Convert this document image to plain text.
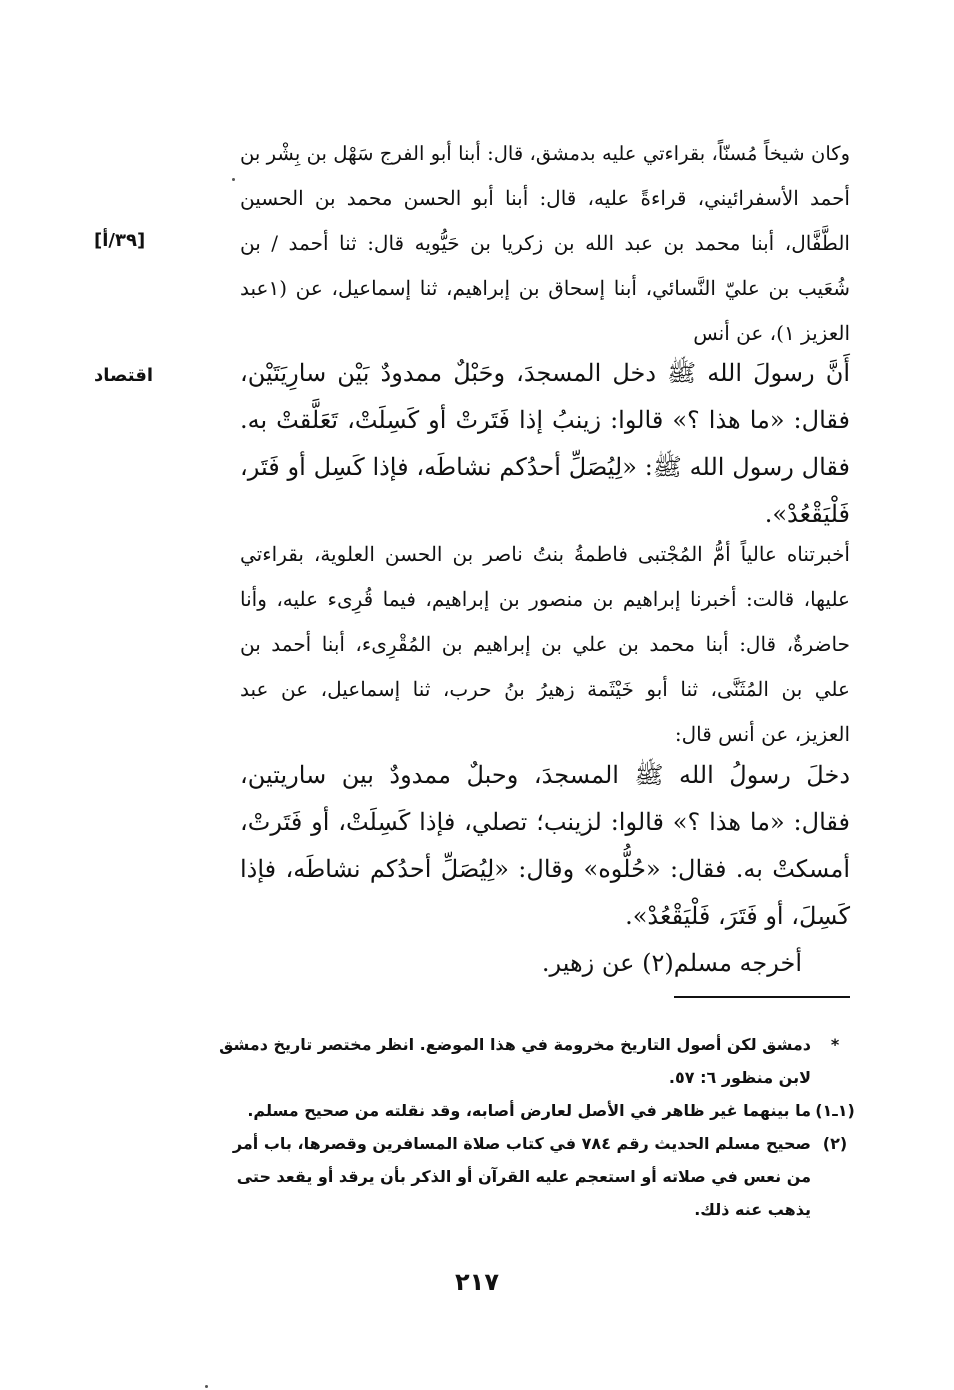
وكان شيخاً مُسنّاً، بقراءتي عليه بدمشق، قال: أبنا أبو الفرج سَهْل بن بِشْر بن
أحمد الأسفرائيني، قراءةً عليه، قال: أبنا أبو الحسن محمد بن الحسين
الطَّفَّال، أبنا محمد بن عبد الله بن زكريا بن حَيُّويه قال: ثنا أحمد / بن
شُعَيب بن عليّ النَّسائي، أبنا إسحاق بن إبراهيم، ثنا إسماعيل، عن (١عبد
العزيز ١)، عن أنس
[٣٩/أ]
أَنَّ رسولَ الله ﷺ دخل المسجدَ، وحَبْلٌ ممدودٌ بَيْن سارِيَتَيْن،
فقال: «ما هذا ؟» قالوا: زينبُ إذا فَتَرتْ أو كَسِلَتْ، تَعَلَّقتْ به.
فقال رسول الله ﷺ: «لِيُصَلِّ أحدُكم نشاطَه، فإذا كَسِل أو فَتَر،
فَلْيَقْعُدْ».
اقتصاد
أخبرتناه عالياً أمُّ المُجْتبى فاطمةُ بنتُ ناصر بن الحسن العلوية، بقراءتي
عليها، قالت: أخبرنا إبراهيم بن منصور بن إبراهيم، فيما قُرِىء عليه، وأنا
حاضرةٌ، قال: أبنا محمد بن علي بن إبراهيم بن المُقْرِىء، أبنا أحمد بن
علي بن المُثَنَّى، ثنا أبو خَيْثَمة زهيرُ بنُ حرب، ثنا إسماعيل، عن عبد
العزيز، عن أنس قال:
دخلَ رسولُ الله ﷺ المسجدَ، وحبلٌ ممدودٌ بين ساريتين،
فقال: «ما هذا ؟» قالوا: لزينب؛ تصلي، فإذا كَسِلَتْ، أو فَتَرتْ،
أمسكتْ به. فقال: «حُلُّوه» وقال: «لِيُصَلِّ أحدُكم نشاطَه، فإذا
كَسِلَ، أو فَتَرَ، فَلْيَقْعُدْ».
أخرجه مسلم(٢) عن زهير.
*
دمشق لكن أصول التاريخ مخرومة في هذا الموضع. انظر مختصر تاريخ دمشق لابن منظور ٦: ٥٧.
(١ـ١)
ما بينهما غير ظاهر في الأصل لعارض أصابه، وقد نقلته من صحيح مسلم.
(٢)
صحيح مسلم الحديث رقم ٧٨٤ في كتاب صلاة المسافرين وقصرها، باب أمر من نعس في صلاته أو استعجم عليه القرآن أو الذكر بأن يرقد أو يقعد حتى يذهب عنه ذلك.
٢١٧
